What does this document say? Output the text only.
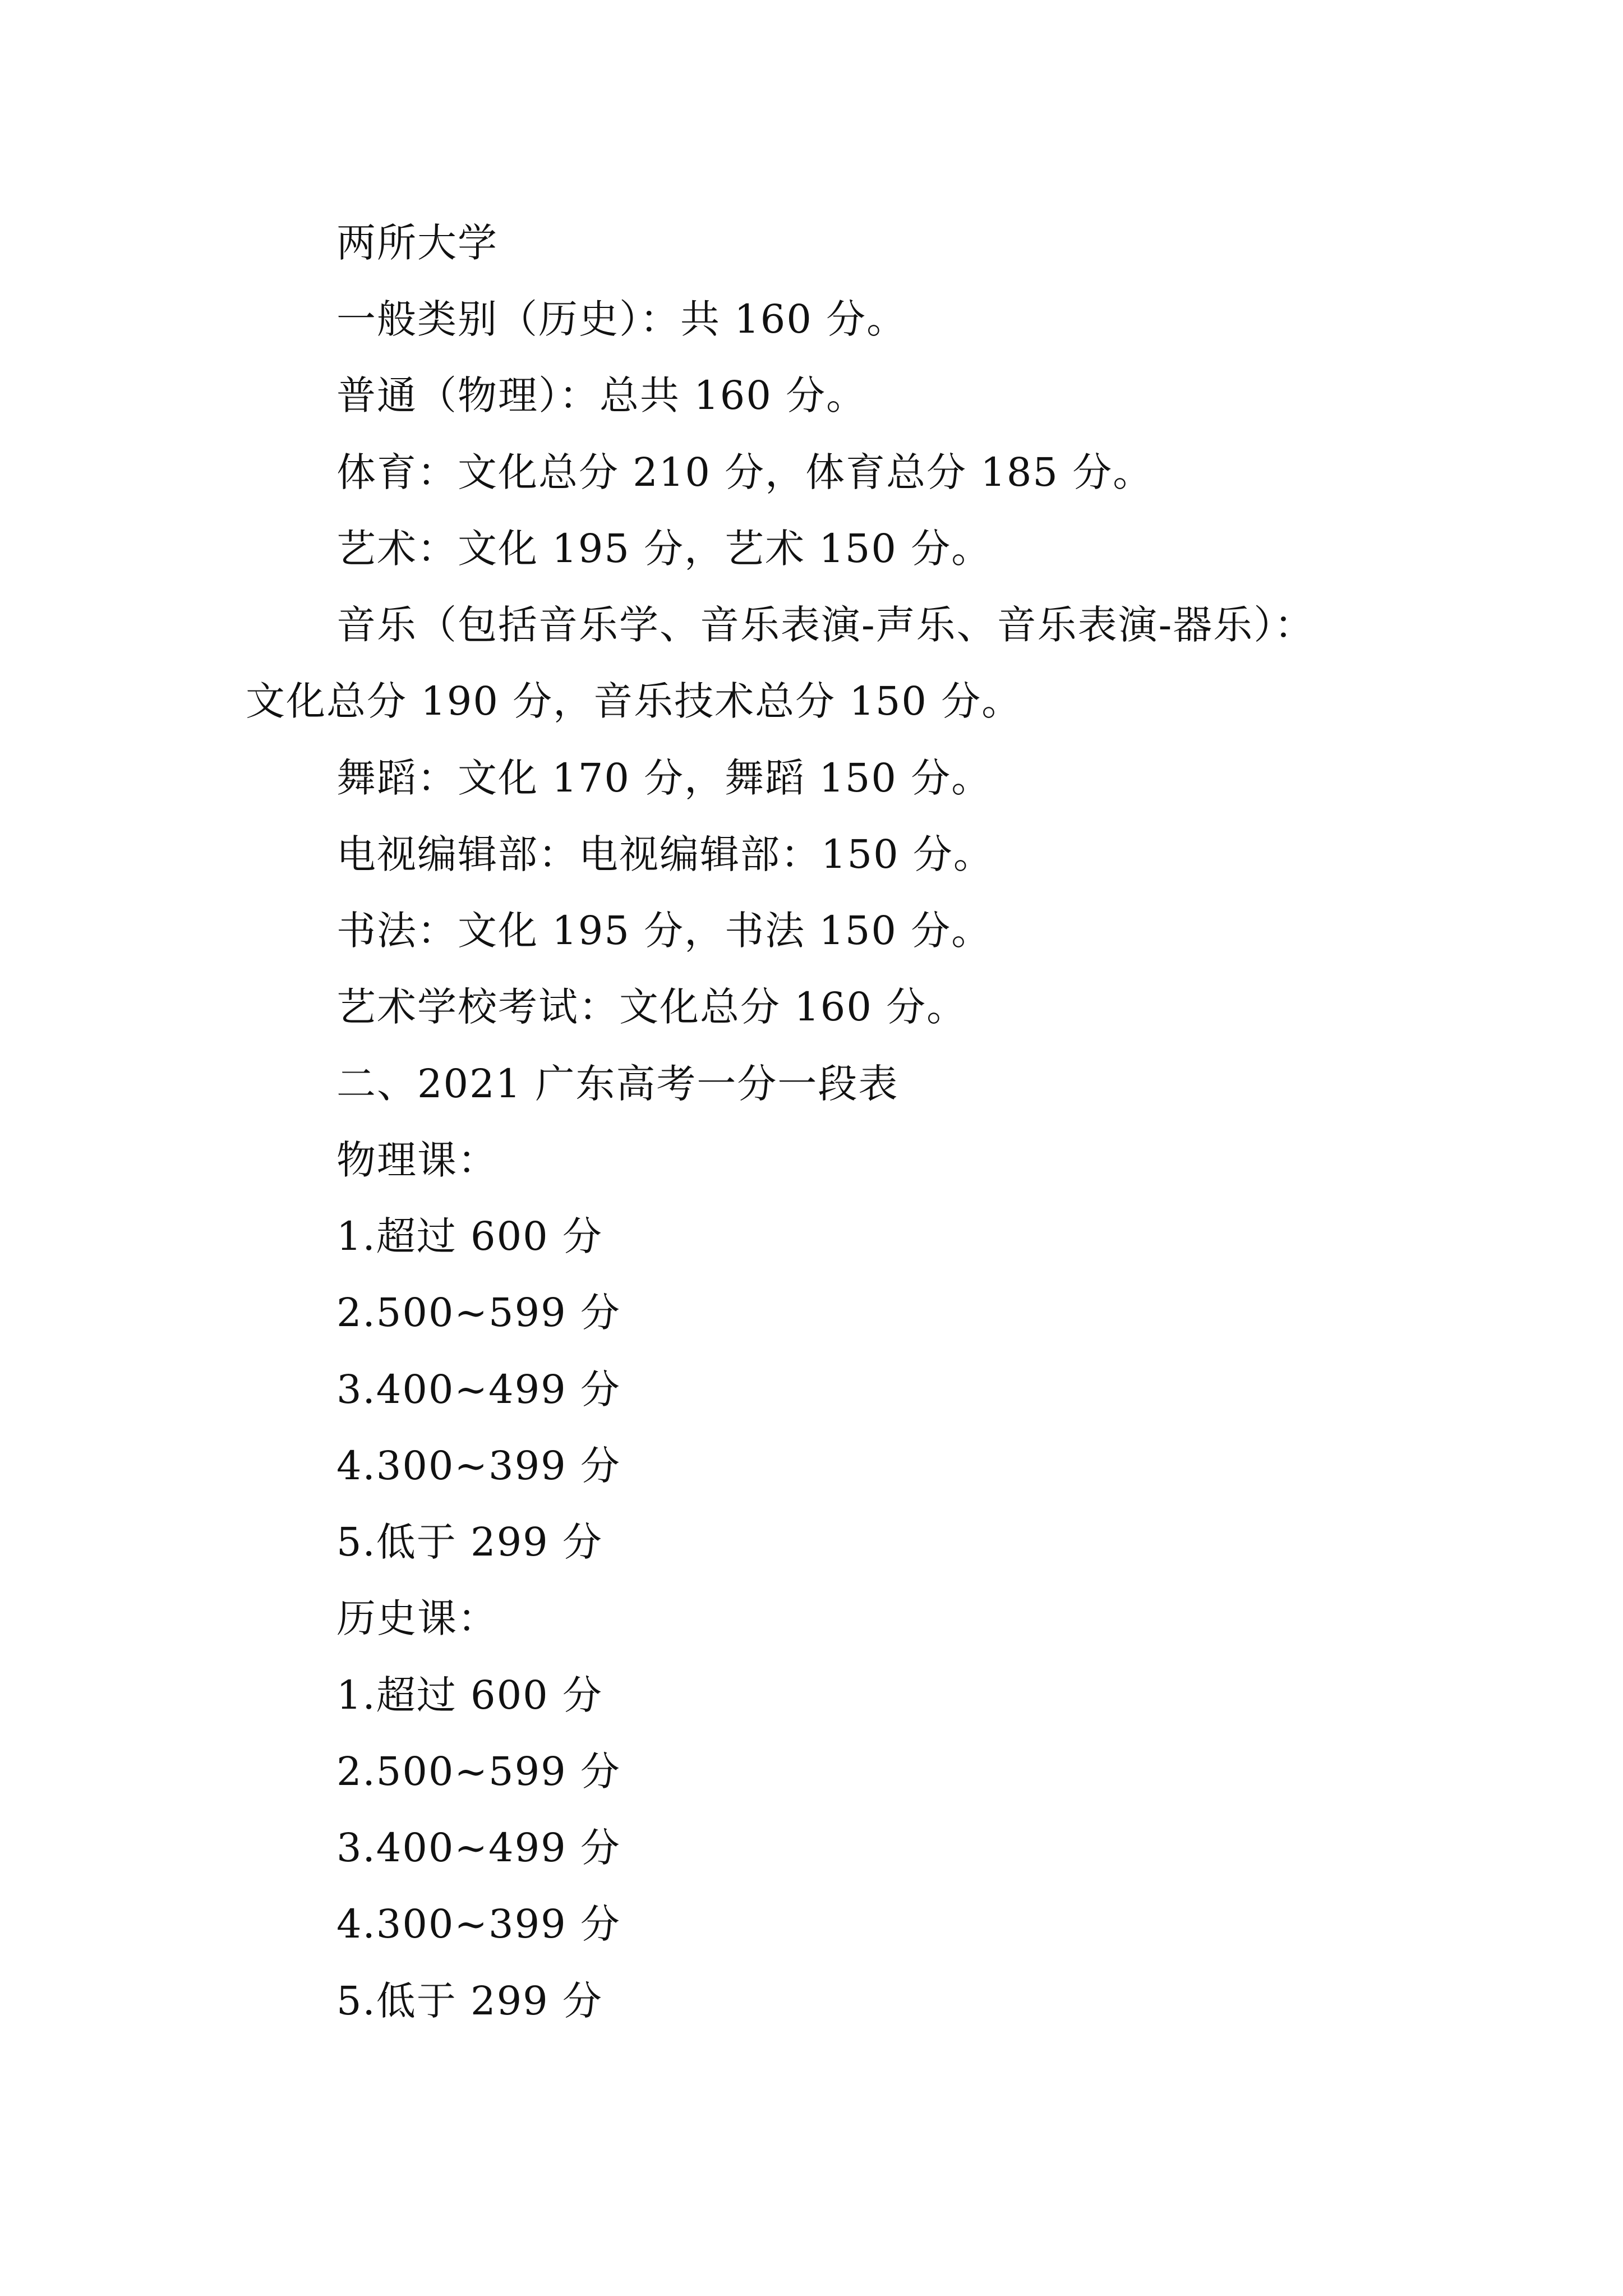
两所大学
一般类别（历史）：共 160 分。
普通（物理）：总共 160 分。
体育：文化总分 210 分，体育总分 185 分。
艺术：文化 195 分，艺术 150 分。
音乐（包括音乐学、音乐表演-声乐、音乐表演-器乐）：
文化总分 190 分，音乐技术总分 150 分。
舞蹈：文化 170 分，舞蹈 150 分。
电视编辑部：电视编辑部：150 分。
书法：文化 195 分，书法 150 分。
艺术学校考试：文化总分 160 分。
二、2021 广东高考一分一段表
物理课：
1.超过 600 分
2.500~599 分
3.400~499 分
4.300~399 分
5.低于 299 分
历史课：
1.超过 600 分
2.500~599 分
3.400~499 分
4.300~399 分
5.低于 299 分
